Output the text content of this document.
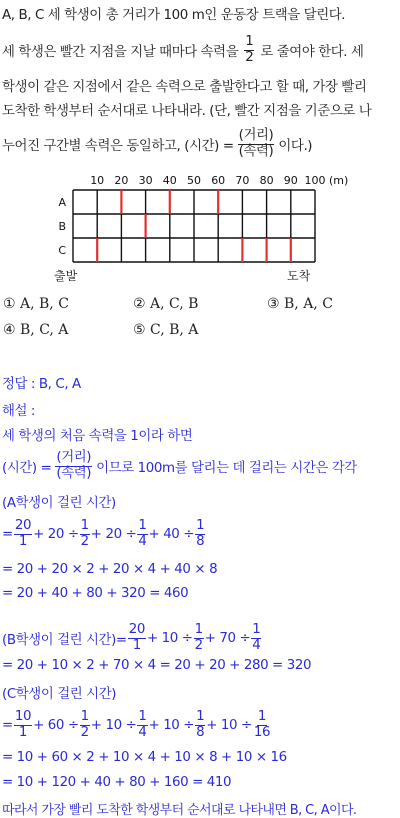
A, B, C 세 학생이 총 거리가 100 m인 운동장 트랙을 달린다.
세 학생은 빨간 지점을 지날 때마다 속력을 $\frac{1}{2}$ 로 줄여야 한다. 세
학생이 같은 지점에서 같은 속력으로 출발한다고 할 때, 가장 빨리
도착한 학생부터 순서대로 나타내라. (단, 빨간 지점을 기준으로 나
누어진 구간별 속력은 동일하고, (시간) = $\frac{\text{(거리)}}{\text{(속력)}}$ 이다.)
10 20 30 40 50 60 70 80 90 100 (m)
A
B
C
출발	도착
① A, B, C	② A, C, B	③ B, A, C
④ B, C, A	⑤ C, B, A
정답 : B, C, A
해설 :
세 학생의 처음 속력을 1이라 하면
(시간) = $\frac{\text{(거리)}}{\text{(속력)}}$ 이므로 100m를 달리는 데 걸리는 시간은 각각
(A학생이 걸린 시간)
= $\frac{20}{1} + 20 \div \frac{1}{2} + 20 \div \frac{1}{4} + 40 \div \frac{1}{8}$
= 20 + 20 × 2 + 20 × 4 + 40 × 8
= 20 + 40 + 80 + 320 = 460
(B학생이 걸린 시간)= $\frac{20}{1} + 10 \div \frac{1}{2} + 70 \div \frac{1}{4}$
= 20 + 10 × 2 + 70 × 4 = 20 + 20 + 280 = 320
(C학생이 걸린 시간)
= $\frac{10}{1} + 60 \div \frac{1}{2} + 10 \div \frac{1}{4} + 10 \div \frac{1}{8} + 10 \div \frac{1}{16}$
= 10 + 60 × 2 + 10 × 4 + 10 × 8 + 10 × 16
= 10 + 120 + 40 + 80 + 160 = 410
따라서 가장 빨리 도착한 학생부터 순서대로 나타내면 B, C, A이다.
